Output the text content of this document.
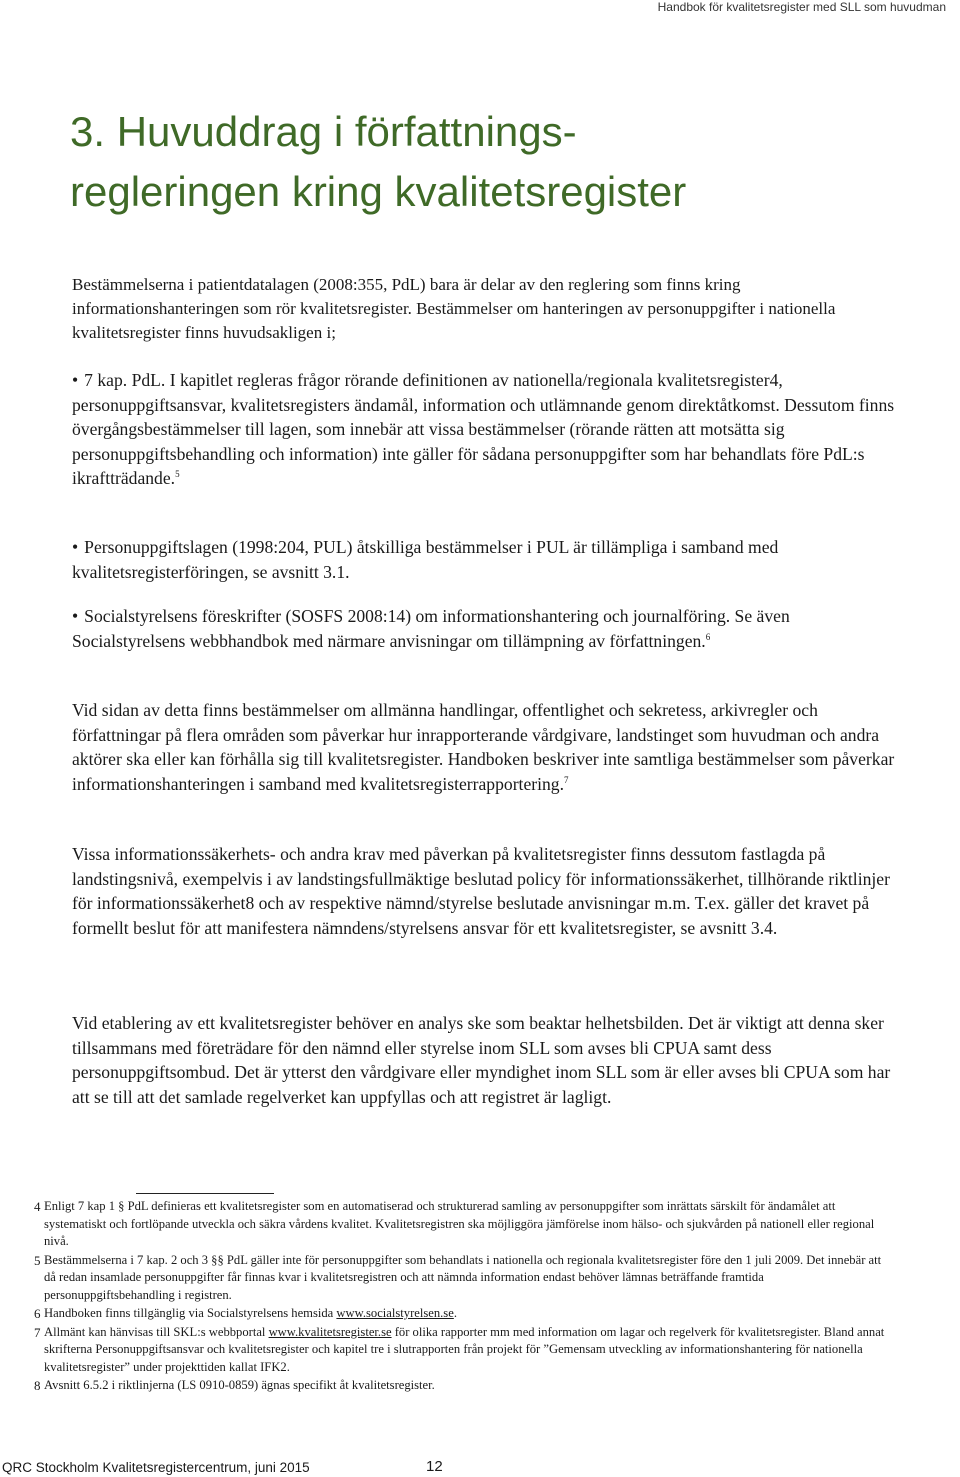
Handbok för kvalitetsregister med SLL som huvudman
3. Huvuddrag i författnings-
regleringen kring kvalitetsregister

Bestämmelserna i patientdatalagen (2008:355, PdL) bara är delar av den reglering som finns kring informationshanteringen som rör kvalitetsregister. Bestämmelser om hanteringen av personuppgifter i nationella kvalitetsregister finns huvudsakligen i;

• 7 kap. PdL. I kapitlet regleras frågor rörande definitionen av nationella/regionala kvalitetsregister4, personuppgiftsansvar, kvalitetsregisters ändamål, information och utlämnande genom direktåtkomst. Dessutom finns övergångsbestämmelser till lagen, som innebär att vissa bestämmelser (rörande rätten att motsätta sig personuppgiftsbehandling och information) inte gäller för sådana personuppgifter som har behandlats före PdL:s ikraftträdande.$^5$

• Personuppgiftslagen (1998:204, PUL) åtskilliga bestämmelser i PUL är tillämpliga i samband med kvalitetsregisterföringen, se avsnitt 3.1.

• Socialstyrelsens föreskrifter (SOSFS 2008:14) om informationshantering och journalföring. Se även Socialstyrelsens webbhandbok med närmare anvisningar om tillämpning av författningen.$^6$

Vid sidan av detta finns bestämmelser om allmänna handlingar, offentlighet och sekretess, arkivregler och författningar på flera områden som påverkar hur inrapporterande vårdgivare, landstinget som huvudman och andra aktörer ska eller kan förhålla sig till kvalitetsregister. Handboken beskriver inte samtliga bestämmelser som påverkar informationshanteringen i samband med kvalitetsregisterrapportering.$^7$

Vissa informationssäkerhets- och andra krav med påverkan på kvalitetsregister finns dessutom fastlagda på landstingsnivå, exempelvis i av landstingsfullmäktige beslutad policy för informationssäkerhet, tillhörande riktlinjer för informationssäkerhet8 och av respektive nämnd/styrelse beslutade anvisningar m.m. T.ex. gäller det kravet på formellt beslut för att manifestera nämndens/styrelsens ansvar för ett kvalitetsregister, se avsnitt 3.4.

Vid etablering av ett kvalitetsregister behöver en analys ske som beaktar helhetsbilden. Det är viktigt att denna sker tillsammans med företrädare för den nämnd eller styrelse inom SLL som avses bli CPUA samt dess personuppgiftsombud. Det är ytterst den vårdgivare eller myndighet inom SLL som är eller avses bli CPUA som har att se till att det samlade regelverket kan uppfyllas och att registret är lagligt.

4 Enligt 7 kap 1 § PdL definieras ett kvalitetsregister som en automatiserad och strukturerad samling av personuppgifter som inrättats särskilt för ändamålet att systematiskt och fortlöpande utveckla och säkra vårdens kvalitet. Kvalitetsregistren ska möjliggöra jämförelse inom hälso- och sjukvården på nationell eller regional nivå.
5 Bestämmelserna i 7 kap. 2 och 3 §§ PdL gäller inte för personuppgifter som behandlats i nationella och regionala kvalitetsregister före den 1 juli 2009. Det innebär att då redan insamlade personuppgifter får finnas kvar i kvalitetsregistren och att nämnda information endast behöver lämnas beträffande framtida personuppgiftsbehandling i registren.
6 Handboken finns tillgänglig via Socialstyrelsens hemsida www.socialstyrelsen.se.
7 Allmänt kan hänvisas till SKL:s webbportal www.kvalitetsregister.se för olika rapporter mm med information om lagar och regelverk för kvalitetsregister. Bland annat skrifterna Personuppgiftsansvar och kvalitetsregister och kapitel tre i slutrapporten från projekt för ”Gemensam utveckling av informationshantering för nationella kvalitetsregister” under projekttiden kallat IFK2.
8 Avsnitt 6.5.2 i riktlinjerna (LS 0910-0859) ägnas specifikt åt kvalitetsregister.
QRC Stockholm Kvalitetsregistercentrum, juni 2015	12
